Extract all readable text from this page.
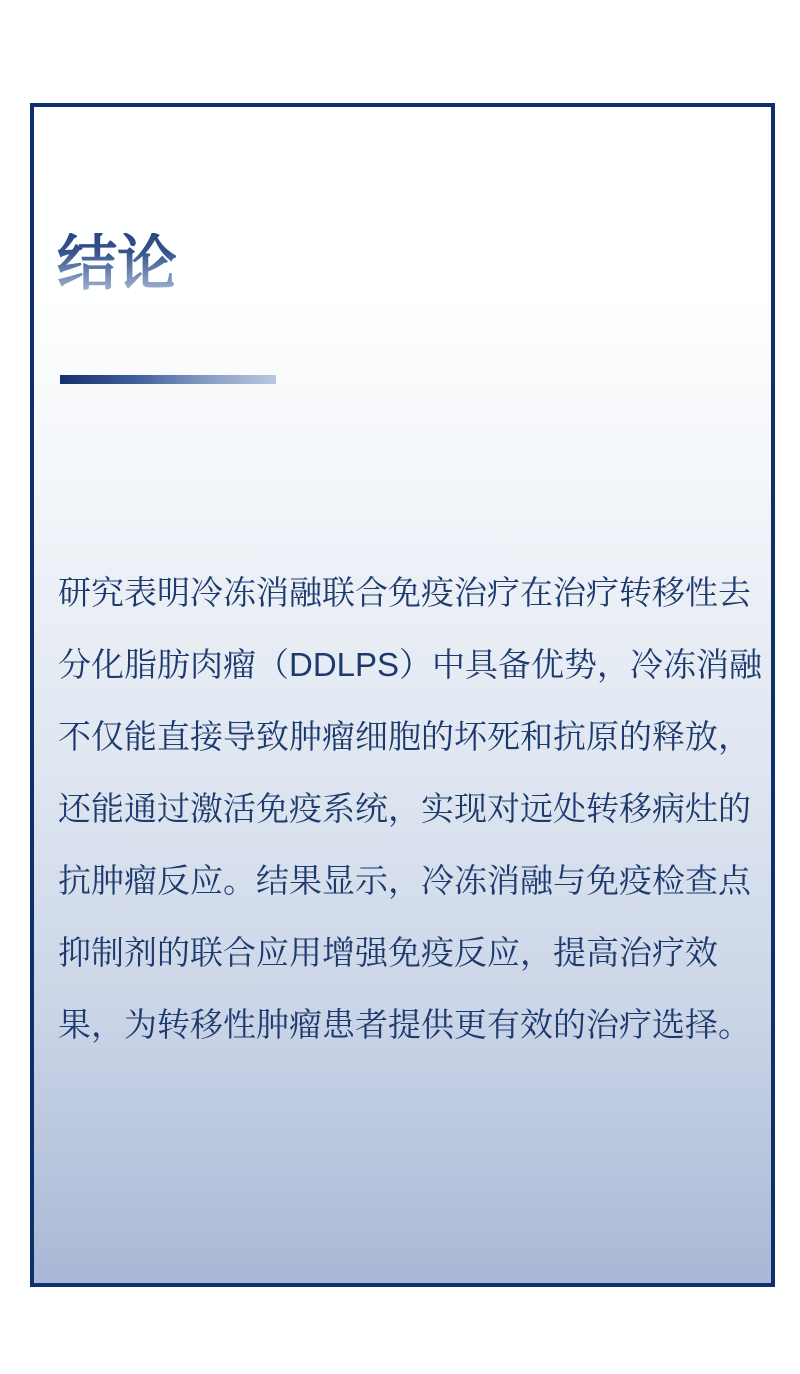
结论
研究表明冷冻消融联合免疫治疗在治疗转移性去
分化脂肪肉瘤（DDLPS）中具备优势，冷冻消融
不仅能直接导致肿瘤细胞的坏死和抗原的释放，
还能通过激活免疫系统，实现对远处转移病灶的
抗肿瘤反应。结果显示，冷冻消融与免疫检查点
抑制剂的联合应用增强免疫反应，提高治疗效
果，为转移性肿瘤患者提供更有效的治疗选择。
